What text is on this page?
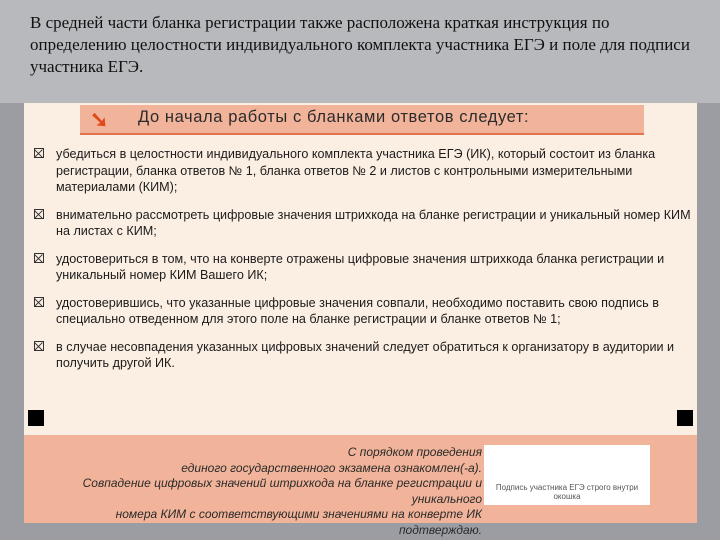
В средней части бланка регистрации также расположена краткая инструкция по определению целостности индивидуального комплекта участника ЕГЭ и поле для подписи участника ЕГЭ.
➘ До начала работы с бланками ответов следует:
убедиться в целостности индивидуального комплекта участника ЕГЭ (ИК), который состоит из бланка регистрации, бланка ответов № 1, бланка ответов № 2 и листов с контрольными измерительными материалами (КИМ);
внимательно рассмотреть цифровые значения штрихкода на бланке регистрации и уникальный номер КИМ на листах с КИМ;
удостовериться в том, что на конверте отражены цифровые значения штрихкода бланка регистрации и уникальный номер КИМ Вашего ИК;
удостоверившись, что указанные цифровые значения совпали, необходимо поставить свою подпись в специально отведенном для этого поле на бланке регистрации и бланке ответов № 1;
в случае несовпадения указанных цифровых значений следует обратиться к организатору в аудитории и получить другой ИК.
С порядком проведения
единого государственного экзамена ознакомлен(-а).
Совпадение цифровых значений штрихкода на бланке регистрации и уникального
номера КИМ с соответствующими значениями на конверте ИК подтверждаю.
Подпись участника ЕГЭ строго внутри окошка
